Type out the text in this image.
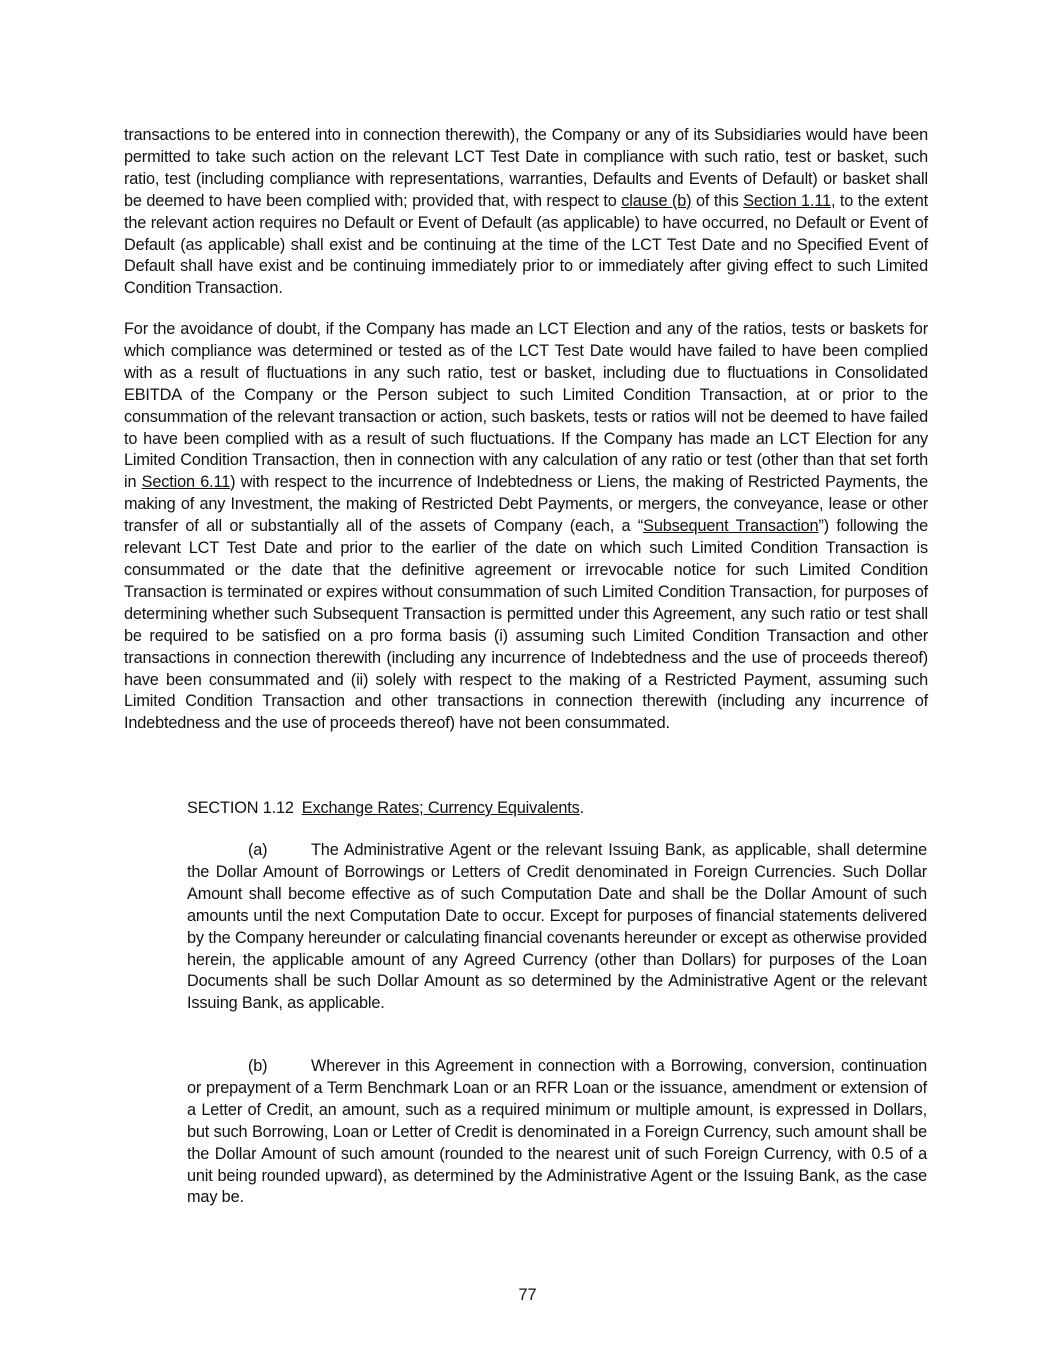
transactions to be entered into in connection therewith), the Company or any of its Subsidiaries would have been permitted to take such action on the relevant LCT Test Date in compliance with such ratio, test or basket, such ratio, test (including compliance with representations, warranties, Defaults and Events of Default) or basket shall be deemed to have been complied with; provided that, with respect to clause (b) of this Section 1.11, to the extent the relevant action requires no Default or Event of Default (as applicable) to have occurred, no Default or Event of Default (as applicable) shall exist and be continuing at the time of the LCT Test Date and no Specified Event of Default shall have exist and be continuing immediately prior to or immediately after giving effect to such Limited Condition Transaction.

For the avoidance of doubt, if the Company has made an LCT Election and any of the ratios, tests or baskets for which compliance was determined or tested as of the LCT Test Date would have failed to have been complied with as a result of fluctuations in any such ratio, test or basket, including due to fluctuations in Consolidated EBITDA of the Company or the Person subject to such Limited Condition Transaction, at or prior to the consummation of the relevant transaction or action, such baskets, tests or ratios will not be deemed to have failed to have been complied with as a result of such fluctuations. If the Company has made an LCT Election for any Limited Condition Transaction, then in connection with any calculation of any ratio or test (other than that set forth in Section 6.11) with respect to the incurrence of Indebtedness or Liens, the making of Restricted Payments, the making of any Investment, the making of Restricted Debt Payments, or mergers, the conveyance, lease or other transfer of all or substantially all of the assets of Company (each, a “Subsequent Transaction”) following the relevant LCT Test Date and prior to the earlier of the date on which such Limited Condition Transaction is consummated or the date that the definitive agreement or irrevocable notice for such Limited Condition Transaction is terminated or expires without consummation of such Limited Condition Transaction, for purposes of determining whether such Subsequent Transaction is permitted under this Agreement, any such ratio or test shall be required to be satisfied on a pro forma basis (i) assuming such Limited Condition Transaction and other transactions in connection therewith (including any incurrence of Indebtedness and the use of proceeds thereof) have been consummated and (ii) solely with respect to the making of a Restricted Payment, assuming such Limited Condition Transaction and other transactions in connection therewith (including any incurrence of Indebtedness and the use of proceeds thereof) have not been consummated.

SECTION 1.12 Exchange Rates; Currency Equivalents.

(a)	The Administrative Agent or the relevant Issuing Bank, as applicable, shall determine the Dollar Amount of Borrowings or Letters of Credit denominated in Foreign Currencies. Such Dollar Amount shall become effective as of such Computation Date and shall be the Dollar Amount of such amounts until the next Computation Date to occur. Except for purposes of financial statements delivered by the Company hereunder or calculating financial covenants hereunder or except as otherwise provided herein, the applicable amount of any Agreed Currency (other than Dollars) for purposes of the Loan Documents shall be such Dollar Amount as so determined by the Administrative Agent or the relevant Issuing Bank, as applicable.

(b)	Wherever in this Agreement in connection with a Borrowing, conversion, continuation or prepayment of a Term Benchmark Loan or an RFR Loan or the issuance, amendment or extension of a Letter of Credit, an amount, such as a required minimum or multiple amount, is expressed in Dollars, but such Borrowing, Loan or Letter of Credit is denominated in a Foreign Currency, such amount shall be the Dollar Amount of such amount (rounded to the nearest unit of such Foreign Currency, with 0.5 of a unit being rounded upward), as determined by the Administrative Agent or the Issuing Bank, as the case may be.

77
